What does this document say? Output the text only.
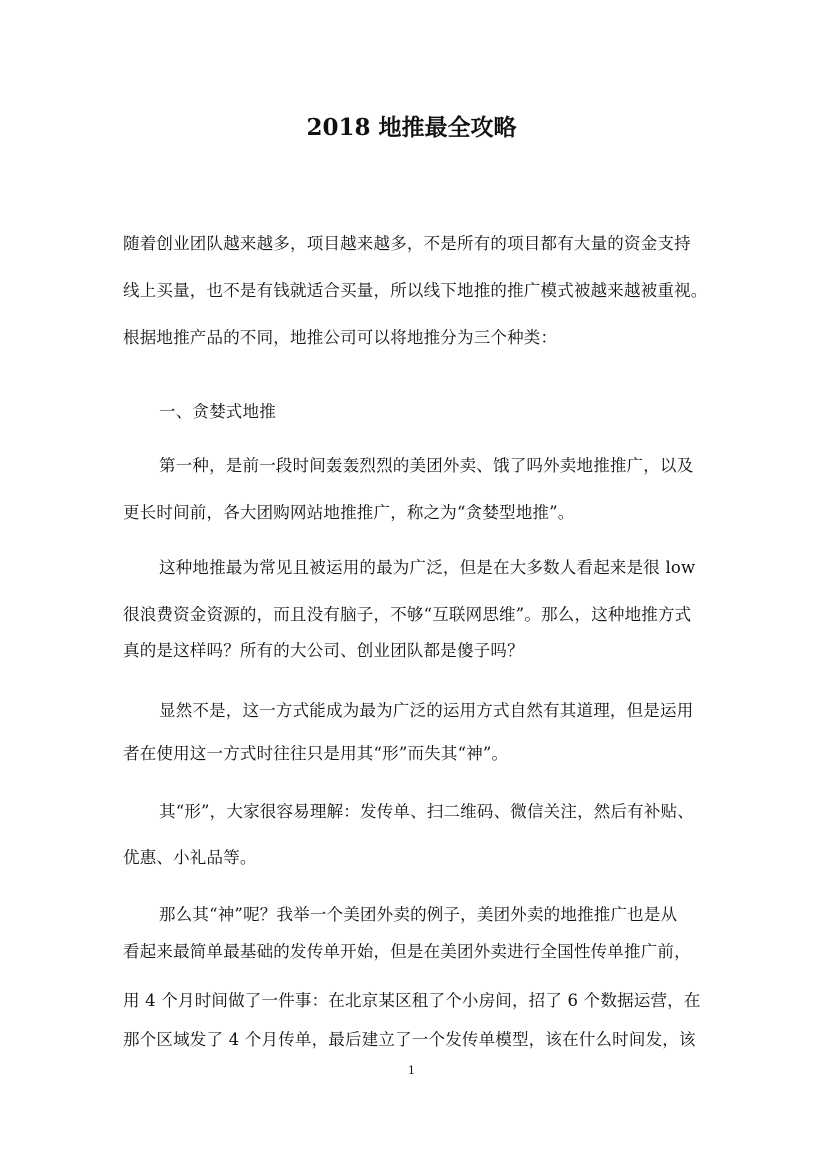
2018 地推最全攻略
随着创业团队越来越多，项目越来越多，不是所有的项目都有大量的资金支持
线上买量，也不是有钱就适合买量，所以线下地推的推广模式被越来越被重视。
根据地推产品的不同，地推公司可以将地推分为三个种类：
一、贪婪式地推
第一种，是前一段时间轰轰烈烈的美团外卖、饿了吗外卖地推推广，以及
更长时间前，各大团购网站地推推广，称之为“贪婪型地推”。
这种地推最为常见且被运用的最为广泛，但是在大多数人看起来是很 low
很浪费资金资源的，而且没有脑子，不够“互联网思维”。那么，这种地推方式
真的是这样吗？所有的大公司、创业团队都是傻子吗？
显然不是，这一方式能成为最为广泛的运用方式自然有其道理，但是运用
者在使用这一方式时往往只是用其“形”而失其“神”。
其“形”，大家很容易理解：发传单、扫二维码、微信关注，然后有补贴、
优惠、小礼品等。
那么其“神”呢？我举一个美团外卖的例子，美团外卖的地推推广也是从
看起来最简单最基础的发传单开始，但是在美团外卖进行全国性传单推广前，
用 4 个月时间做了一件事：在北京某区租了个小房间，招了 6 个数据运营，在
那个区域发了 4 个月传单，最后建立了一个发传单模型，该在什么时间发，该
1
